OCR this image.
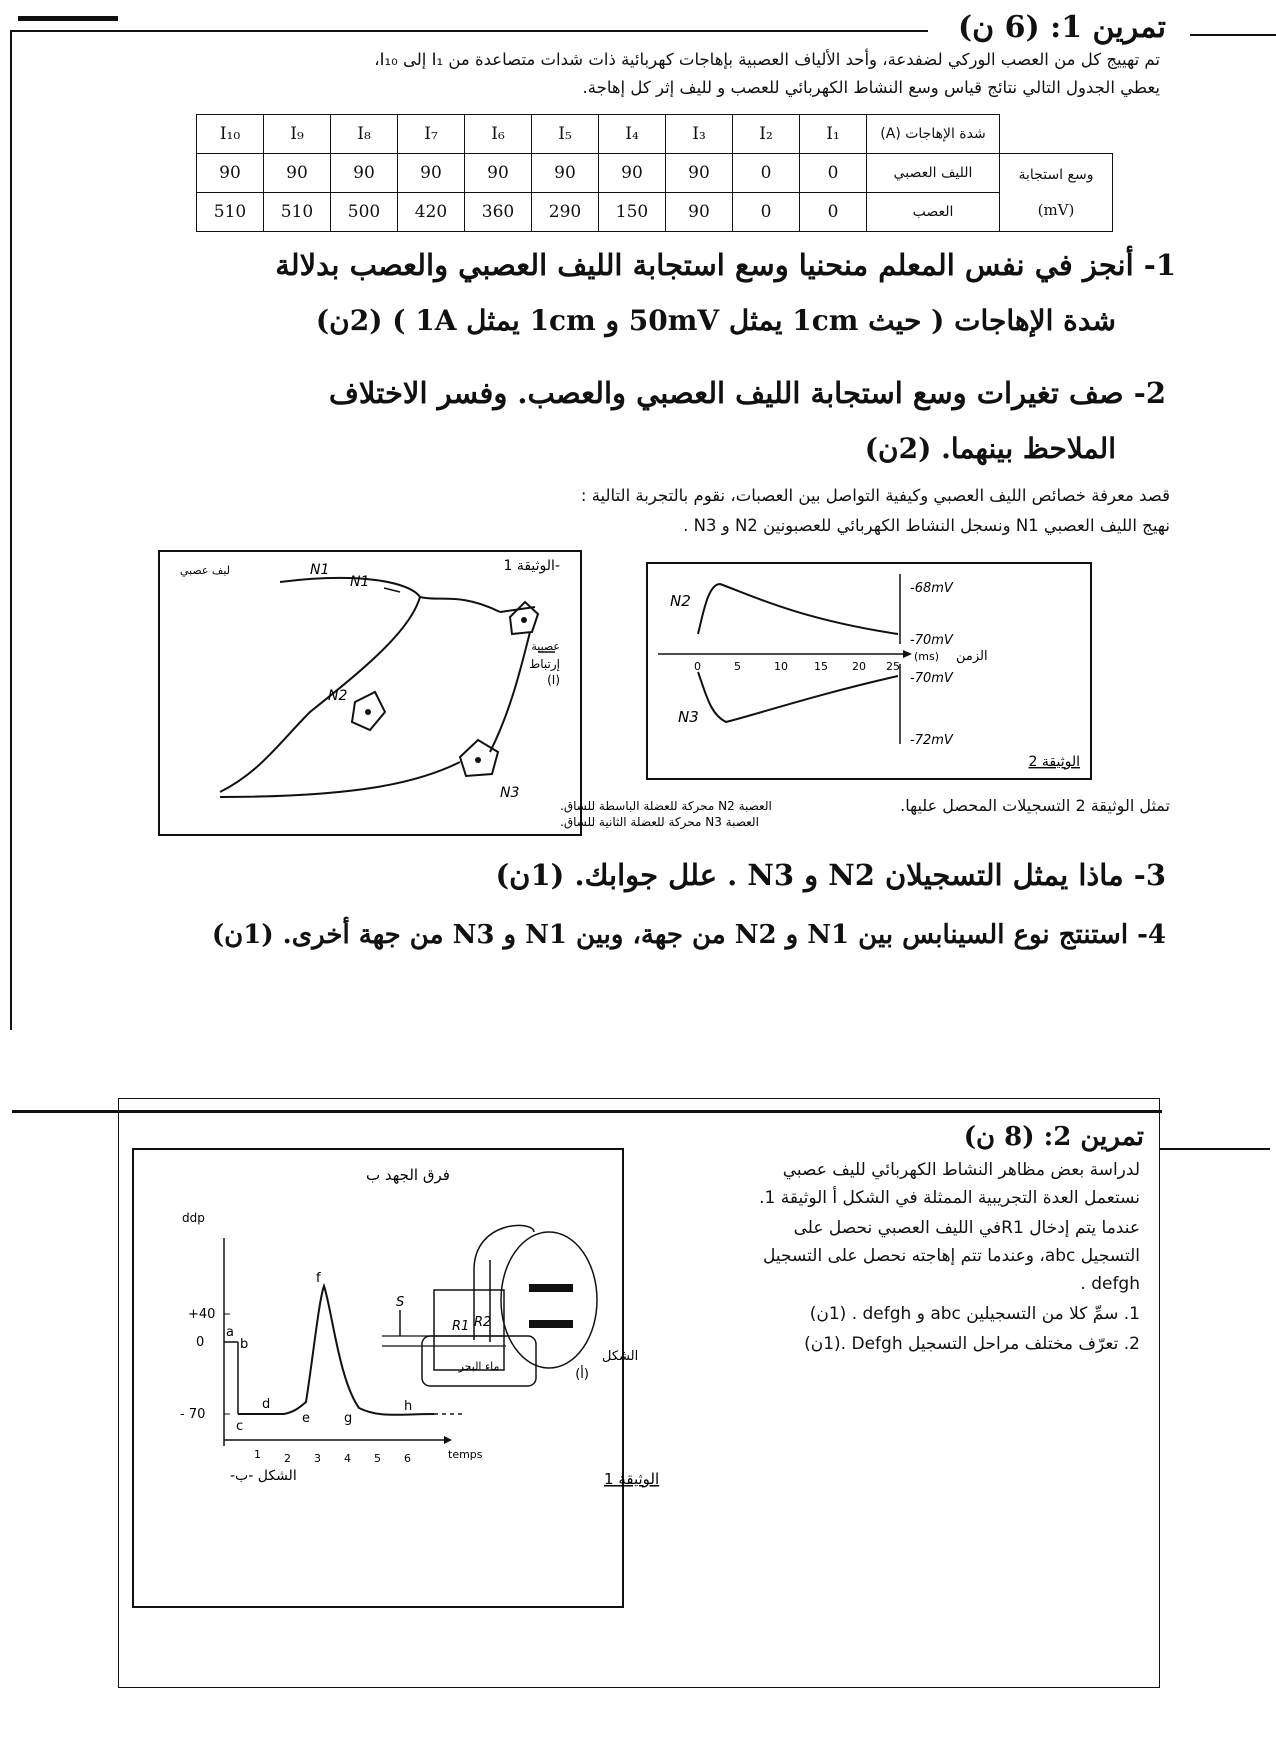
تمرين 1: (6 ن)
تم تهييج كل من العصب الوركي لضفدعة، وأحد الألياف العصبية بإهاجات كهربائية ذات شدات متصاعدة من I₁ إلى I₁₀،
يعطي الجدول التالي نتائج قياس وسع النشاط الكهربائي للعصب و لليف إثر كل إهاجة.
I₁₀	I₉	I₈	I₇	I₆	I₅	I₄	I₃	I₂	I₁	شدة الإهاجات (A)	
90	90	90	90	90	90	90	90	0	0	الليف العصبي	وسع استجابة
(mV)

510	510	500	420	360	290	150	90	0	0	العصب	
1- أنجز في نفس المعلم منحنيا وسع استجابة الليف العصبي والعصب بدلالة
شدة الإهاجات ( حيث 1cm يمثل 50mV و 1cm يمثل 1A ) (2ن)
2- صف تغيرات وسع استجابة الليف العصبي والعصب. وفسر الاختلاف
الملاحظ بينهما. (2ن)
قصد معرفة خصائص الليف العصبي وكيفية التواصل بين العصبات، نقوم بالتجربة التالية :
نهيج الليف العصبي N1 ونسجل النشاط الكهربائي للعصبونين N2 و N3 .
الوثيقة 1-
N1
ليف عصبي
N1
N2
N3
عصبية
إرتباط
(I)
العصبة N2 محركة للعضلة الباسطة للساق.
العصبة N3 محركة للعضلة الثانية للساق.
N2
N3
-68mV
-70mV
-70mV
-72mV
الزمن
(ms)
0	5	10 15 20 25
الوثيقة 2
تمثل الوثيقة 2 التسجيلات المحصل عليها.
3- ماذا يمثل التسجيلان N2 و N3 . علل جوابك. (1ن)
4- استنتج نوع السينابس بين N1 و N2 من جهة، وبين N1 و N3 من جهة أخرى. (1ن)
تمرين 2: (8 ن)
لدراسة بعض مظاهر النشاط الكهربائي لليف عصبي
نستعمل العدة التجريبية الممثلة في الشكل أ الوثيقة 1.
عندما يتم إدخال R1في الليف العصبي نحصل على
التسجيل abc، وعندما تتم إهاجته نحصل على التسجيل
. defgh
1. سمِّ كلا من التسجيلين abc و defgh . (1ن)
2. تعرّف مختلف مراحل التسجيل Defgh .(1ن)
فرق الجهد ب
ddp
+40
0
- 70
a
b
c
d
e
f
g
h
1 2 3 4 5 6	temps
الشكل -ب-	الوثيقة 1
S
R1 R2
ماء البحر
الشكل
(أ)
